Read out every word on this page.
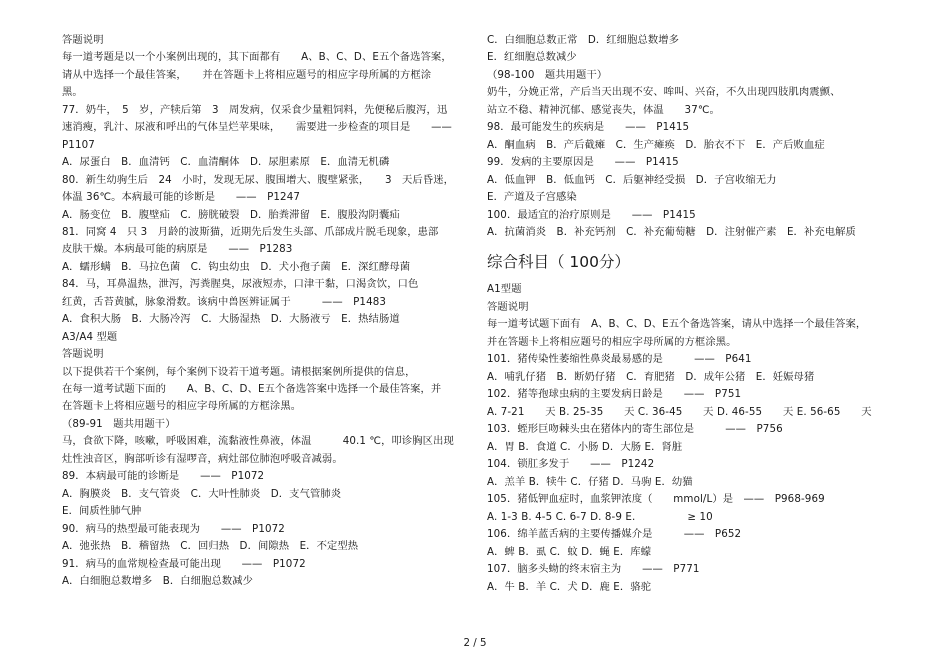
答题说明
每一道考题是以一个小案例出现的，其下面都有　　A、B、C、D、E五个备选答案，
请从中选择一个最佳答案，　　并在答题卡上将相应题号的相应字母所属的方框涂
黑。
77．奶牛，　5　岁，产犊后第　3　周发病，仅采食少量粗饲料，先便秘后腹泻，迅
速消瘦，乳汁、尿液和呼出的气体呈烂苹果味，　　需要进一步检查的项目是　　——
P1107
A．尿蛋白　B．血清钙　C．血清酮体　D．尿胆素原　E．血清无机磷
80．新生幼驹生后　24　小时，发现无尿、腹围增大、腹壁紧张，　　3　天后昏迷，
体温 36℃。本病最可能的诊断是　　——　P1247
A．肠变位　B．腹壁疝　C．膀胱破裂　D．胎粪滞留　E．腹股沟阴囊疝
81．同窝 4　只 3　月龄的波斯猫，近期先后发生头部、爪部成片脱毛现象，患部
皮肤干燥。本病最可能的病原是　　——　P1283
A．蠕形螨　B．马拉色菌　C．钩虫幼虫　D．犬小孢子菌　E．深红酵母菌
84．马，耳鼻温热，泄泻，泻粪腥臭，尿液短赤，口津干黏，口渴贪饮，口色
红黄，舌苔黄腻，脉象滑数。该病中兽医辨证属于　　　——　P1483
A．食积大肠　B．大肠冷泻　C．大肠湿热　D．大肠液亏　E．热结肠道
A3/A4 型题
答题说明
以下提供若干个案例，每个案例下设若干道考题。请根据案例所提供的信息，
在每一道考试题下面的　　A、B、C、D、E五个备选答案中选择一个最佳答案，并
在答题卡上将相应题号的相应字母所属的方框涂黑。
（89-91　题共用题干）
马，食欲下降，咳嗽，呼吸困难，流黏液性鼻液，体温　　　40.1 ℃，叩诊胸区出现
灶性浊音区，胸部听诊有湿啰音，病灶部位肺泡呼吸音减弱。
89．本病最可能的诊断是　　——　P1072
A．胸膜炎　B．支气管炎　C．大叶性肺炎　D．支气管肺炎
E．间质性肺气肿
90．病马的热型最可能表现为　　——　P1072
A．弛张热　B．稽留热　C．回归热　D．间隙热　E．不定型热
91．病马的血常规检查最可能出现　　——　P1072
A．白细胞总数增多　B．白细胞总数减少
C．白细胞总数正常　D．红细胞总数增多
E．红细胞总数减少
（98-100　题共用题干）
奶牛，分娩正常，产后当天出现不安、哞叫、兴奋，不久出现四肢肌肉震颤、
站立不稳、精神沉郁、感觉丧失，体温　　37℃。
98．最可能发生的疾病是　　——　P1415
A．酮血病　B．产后截瘫　C．生产瘫痪　D．胎衣不下　E．产后败血症
99．发病的主要原因是　　——　P1415
A．低血钾　B．低血钙　C．后躯神经受损　D．子宫收缩无力
E．产道及子宫感染
100．最适宜的治疗原则是　　——　P1415
A．抗菌消炎　B．补充钙剂　C．补充葡萄糖　D．注射催产素　E．补充电解质
综合科目（ 100分）
A1型题
答题说明
每一道考试题下面有　A、B、C、D、E五个备选答案，请从中选择一个最佳答案，
并在答题卡上将相应题号的相应字母所属的方框涂黑。
101．猪传染性萎缩性鼻炎最易感的是　　　——　P641
A．哺乳仔猪　B．断奶仔猪　C．育肥猪　D．成年公猪　E．妊娠母猪
102．猪等孢球虫病的主要发病日龄是　　——　P751
A. 7-21　　天 B. 25-35　　天 C. 36-45　　天 D. 46-55　　天 E. 56-65　　天
103．蛭形巨吻棘头虫在猪体内的寄生部位是　　　——　P756
A．胃 B．食道 C．小肠 D．大肠 E．肾脏
104．锁肛多发于　　——　P1242
A．羔羊 B．犊牛 C．仔猪 D．马驹 E．幼猫
105．猪低钾血症时，血浆钾浓度（　　mmol/L）是　——　P968-969
A. 1-3 B. 4-5 C. 6-7 D. 8-9 E.　　　　　≥ 10
106．绵羊蓝舌病的主要传播媒介是　　　——　P652
A．蜱 B．虱 C．蚊 D．蝇 E．库蠓
107．脑多头蚴的终末宿主为　　——　P771
A．牛 B．羊 C．犬 D．鹿 E．骆驼
2 / 5
